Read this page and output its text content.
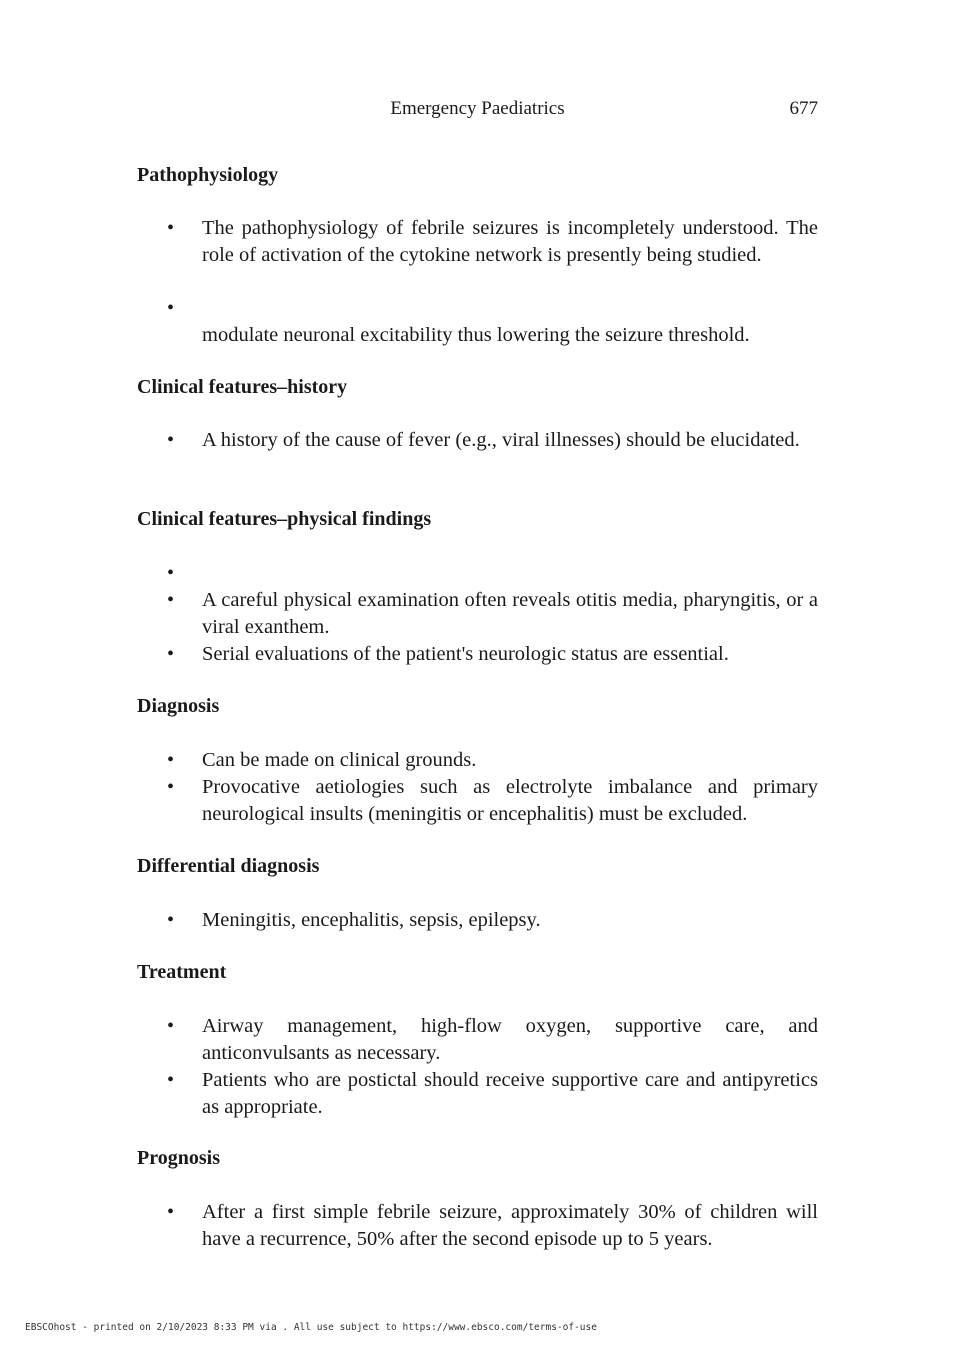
Emergency Paediatrics	677
Pathophysiology
•	The pathophysiology of febrile seizures is incompletely understood. The role of activation of the cytokine network is presently being studied.
•
modulate neuronal excitability thus lowering the seizure threshold.
Clinical features–history
•	A history of the cause of fever (e.g., viral illnesses) should be elucidated.
Clinical features–physical findings
•
•	A careful physical examination often reveals otitis media, pharyngitis, or a viral exanthem.
•	Serial evaluations of the patient's neurologic status are essential.
Diagnosis
•	Can be made on clinical grounds.
•	Provocative aetiologies such as electrolyte imbalance and primary neurological insults (meningitis or encephalitis) must be excluded.
Differential diagnosis
•	Meningitis, encephalitis, sepsis, epilepsy.
Treatment
•	Airway management, high-flow oxygen, supportive care, and anticonvulsants as necessary.
•	Patients who are postictal should receive supportive care and antipyretics as appropriate.
Prognosis
•	After a first simple febrile seizure, approximately 30% of children will have a recurrence, 50% after the second episode up to 5 years.
EBSCOhost - printed on 2/10/2023 8:33 PM via . All use subject to https://www.ebsco.com/terms-of-use
